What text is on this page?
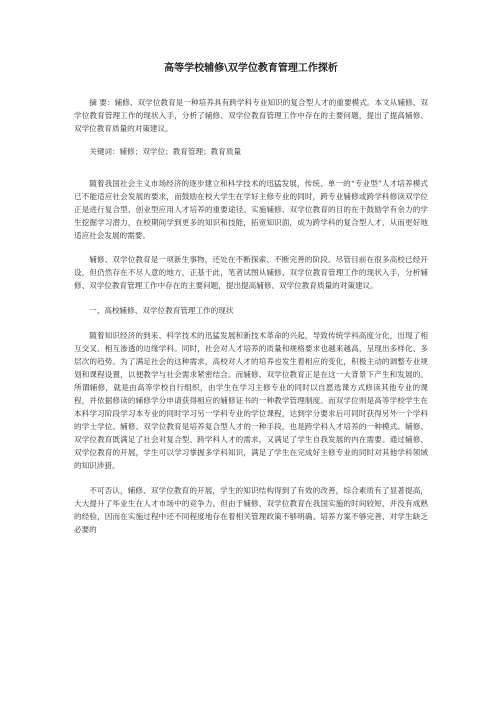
高等学校辅修\双学位教育管理工作探析

摘 要：辅修、双学位教育是一种培养具有跨学科专业知识的复合型人才的重要模式。本文从辅修、双学位教育管理工作的现状入手，分析了辅修、双学位教育管理工作中存在的主要问题，提出了提高辅修、双学位教育质量的对策建议。

关键词：辅修；双学位；教育管理；教育质量

随着我国社会主义市场经济的逐步建立和科学技术的迅猛发展，传统、单一的“专业型”人才培养模式已不能适应社会发展的要求，而鼓励在校大学生在学好主修专业的同时，跨专业辅修或跨学科修读双学位正是进行复合型、创业型应用人才培养的重要途径。实施辅修、双学位教育的目的在于鼓励学有余力的学生挖掘学习潜力，在校期间学到更多的知识和技能，拓宽知识面，成为跨学科的复合型人才，从而更好地适应社会发展的需要。

辅修、双学位教育是一项新生事物，还处在不断探索、不断完善的阶段。尽管目前在很多高校已经开设，但仍然存在不尽人意的地方，正基于此，笔者试图从辅修、双学位教育管理工作的现状入手，分析辅修、双学位教育管理工作中存在的主要问题，提出提高辅修、双学位教育质量的对策建议。

一、高校辅修、双学位教育管理工作的现状

随着知识经济的到来、科学技术的迅猛发展和新技术革命的兴起，导致传统学科高度分化，出现了相互交叉、相互渗透的边缘学科。同时，社会对人才培养的质量和规格要求也越来越高，呈现出多样化、多层次的趋势。为了满足社会的这种需求，高校对人才的培养也发生着相应的变化，积极主动的调整专业规划和课程设置，以便教学与社会需求紧密结合。而辅修、双学位教育正是在这一大背景下产生和发展的。所谓辅修，就是由高等学校自行组织，由学生在学习主修专业的同时以自愿选课方式修读其他专业的课程，并依据修读的辅修学分申请获得相应的辅修证书的一种教学管理制度。而双学位则是高等学校学生在本科学习阶段学习本专业的同时学习另一学科专业的学位课程，达到学分要求后可同时获得另外一个学科的学士学位。辅修、双学位教育是培养复合型人才的一种手段，也是跨学科人才培养的一种模式。辅修、双学位教育既满足了社会对复合型、跨学科人才的需求，又满足了学生自我发展的内在需要。通过辅修、双学位教育的开展，学生可以学习掌握多学科知识，满足了学生在完成好主修专业的同时对其他学科领域的知识涉猎。

不可否认，辅修、双学位教育的开展，学生的知识结构得到了有效的改善，综合素质有了显著提高，大大提升了毕业生在人才市场中的竞争力。但由于辅修、双学位教育在我国实施的时间较短，并没有成熟的经验，因而在实施过程中还不同程度地存在着相关管理政策不够明确、培养方案不够完善、对学生缺乏必要的
